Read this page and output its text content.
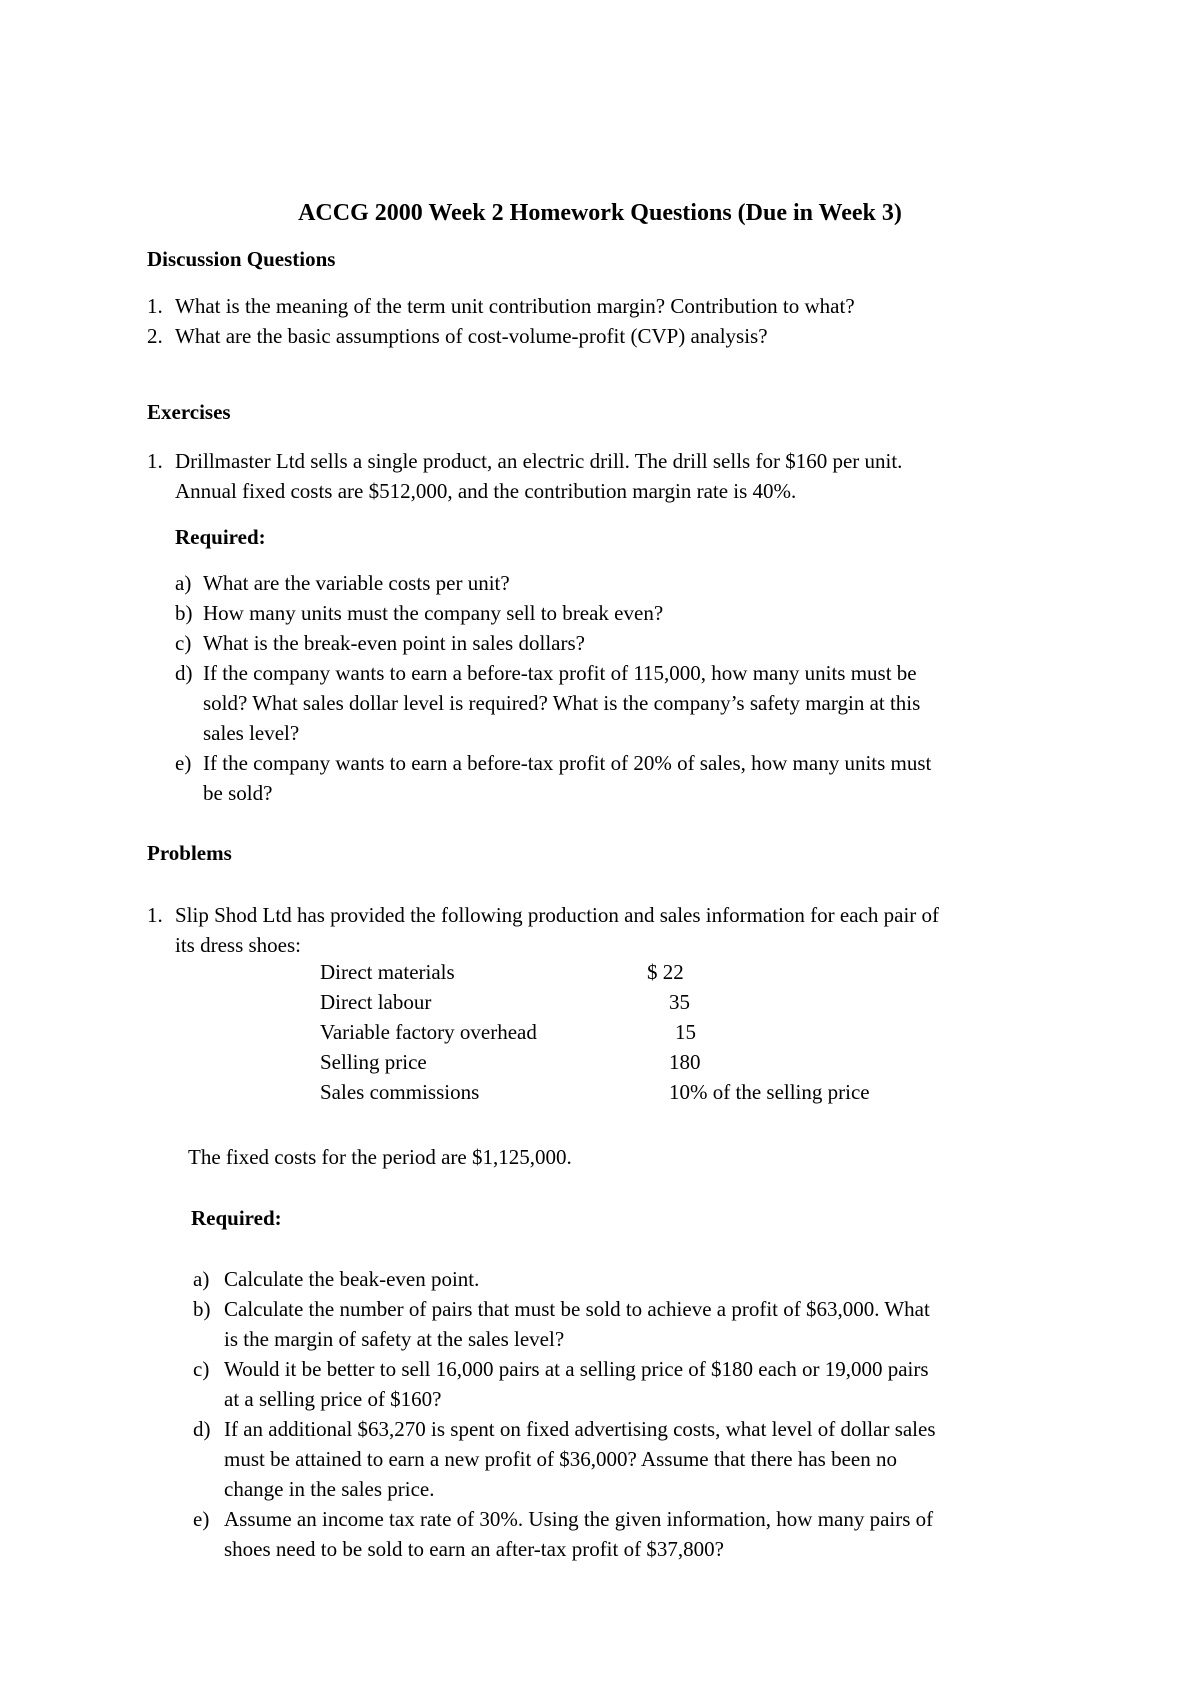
ACCG 2000 Week 2 Homework Questions (Due in Week 3)
Discussion Questions
1. What is the meaning of the term unit contribution margin? Contribution to what?
2. What are the basic assumptions of cost-volume-profit (CVP) analysis?
Exercises
1. Drillmaster Ltd sells a single product, an electric drill. The drill sells for $160 per unit.
Annual fixed costs are $512,000, and the contribution margin rate is 40%.
Required:
a) What are the variable costs per unit?
b) How many units must the company sell to break even?
c) What is the break-even point in sales dollars?
d) If the company wants to earn a before-tax profit of 115,000, how many units must be
sold? What sales dollar level is required? What is the company’s safety margin at this
sales level?
e) If the company wants to earn a before-tax profit of 20% of sales, how many units must
be sold?
Problems
1. Slip Shod Ltd has provided the following production and sales information for each pair of
its dress shoes:
Direct materials	$ 22
Direct labour	35
Variable factory overhead	15
Selling price	180
Sales commissions	10% of the selling price
The fixed costs for the period are $1,125,000.
Required:
a) Calculate the beak-even point.
b) Calculate the number of pairs that must be sold to achieve a profit of $63,000. What
is the margin of safety at the sales level?
c) Would it be better to sell 16,000 pairs at a selling price of $180 each or 19,000 pairs
at a selling price of $160?
d) If an additional $63,270 is spent on fixed advertising costs, what level of dollar sales
must be attained to earn a new profit of $36,000? Assume that there has been no
change in the sales price.
e) Assume an income tax rate of 30%. Using the given information, how many pairs of
shoes need to be sold to earn an after-tax profit of $37,800?
